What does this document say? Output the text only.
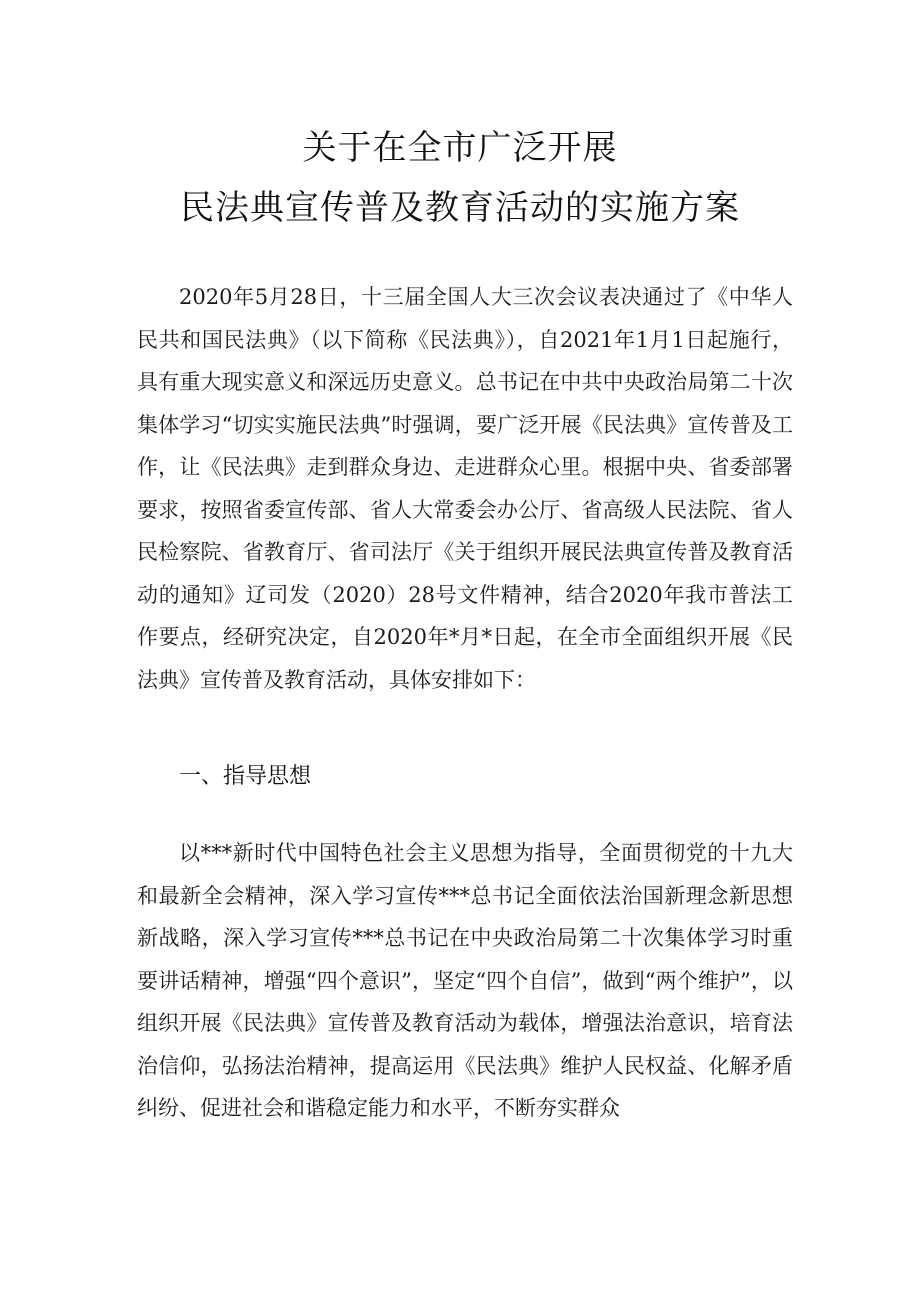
关于在全市广泛开展
民法典宣传普及教育活动的实施方案
2020年5月28日，十三届全国人大三次会议表决通过了《中华人民共和国民法典》（以下简称《民法典》），自2021年1月1日起施行，具有重大现实意义和深远历史意义。总书记在中共中央政治局第二十次集体学习“切实实施民法典”时强调，要广泛开展《民法典》宣传普及工作，让《民法典》走到群众身边、走进群众心里。根据中央、省委部署要求，按照省委宣传部、省人大常委会办公厅、省高级人民法院、省人民检察院、省教育厅、省司法厅《关于组织开展民法典宣传普及教育活动的通知》辽司发（2020）28号文件精神，结合2020年我市普法工作要点，经研究决定，自2020年*月*日起，在全市全面组织开展《民法典》宣传普及教育活动，具体安排如下：
一、指导思想
以***新时代中国特色社会主义思想为指导，全面贯彻党的十九大和最新全会精神，深入学习宣传***总书记全面依法治国新理念新思想新战略，深入学习宣传***总书记在中央政治局第二十次集体学习时重要讲话精神，增强“四个意识”，坚定“四个自信”，做到“两个维护”，以组织开展《民法典》宣传普及教育活动为载体，增强法治意识，培育法治信仰，弘扬法治精神，提高运用《民法典》维护人民权益、化解矛盾纠纷、促进社会和谐稳定能力和水平，不断夯实群众
